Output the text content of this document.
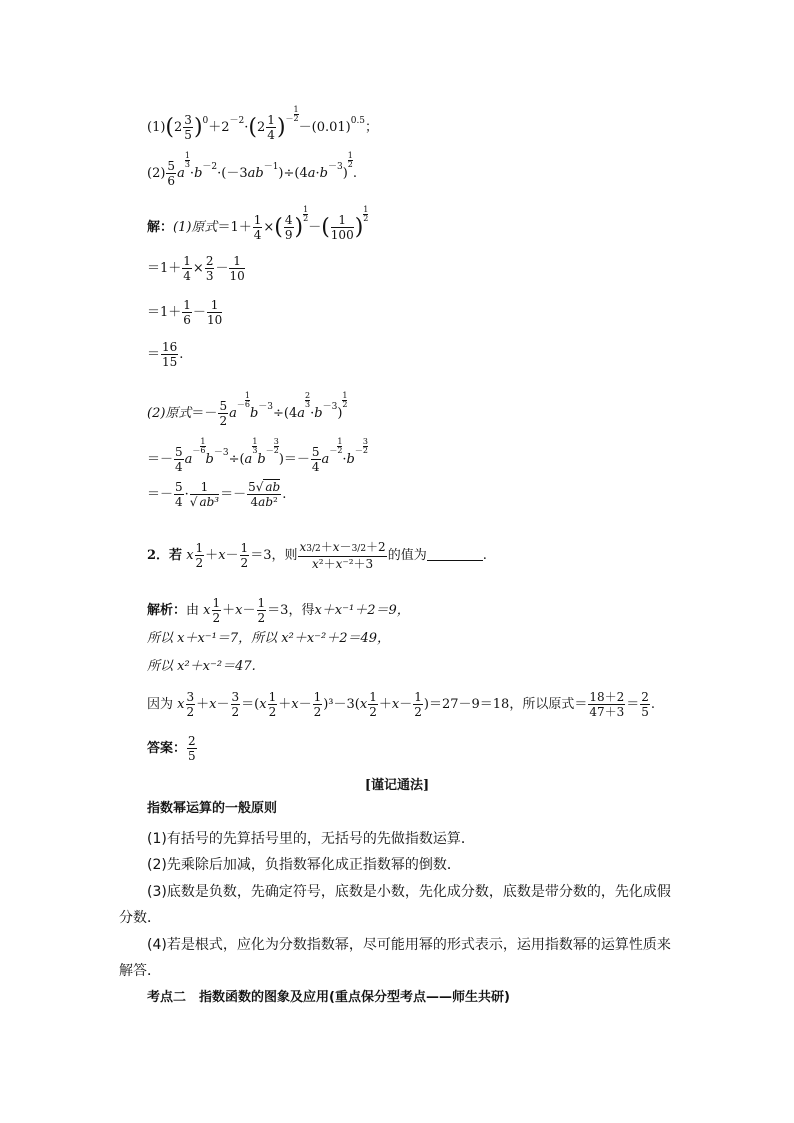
$(1)(2 \frac{3}{5} )^0+2^{-2}\cdot(2 \frac{1}{4}$ ) － $\frac{1}{2}$
$-(0.01)^{0.5}$；
$(2) \frac{5}{6}$ a
$\frac{1}{3}$
$\cdot b^{-2}\cdot(-3ab^{-1})\div(4a\cdot b^{-3})$
$\frac{1}{2}$
.
解：(1)原式$=1+ \frac{1}{4}$ ×( $\frac{4}{9}$ )
$\frac{1}{2}$
－( $\frac{1}{100}$ )
$\frac{1}{2}$
$=1+ \frac{1}{4} \times \frac{2}{3} - \frac{1}{10}$
$=1+ \frac{1}{6} - \frac{1}{10}$
＝ $\frac{16}{15}$ .
(2)原式＝－ $\frac{5}{2}$ a
－ $\frac{1}{6}$
$b^{-3}\div(4a$
$\frac{2}{3}$
$\cdot b^{-3}$)
$\frac{1}{2}$
＝－ $\frac{5}{4}$ a
－ $\frac{1}{6}$
$b^{-3}\div(a$
$\frac{1}{3}$
b
－ $\frac{3}{2}$
)＝－ $\frac{5}{4}$ a
－ $\frac{1}{2}$
·b
－ $\frac{3}{2}$
＝－ $\frac{5}{4} \cdot \frac{1}{\text{√ ab³}} =- \frac{5√ ab}{\text{4ab²}}$ .
2．若 x $\frac{1}{2} +x- \frac{1}{2} =3$，则 $\frac{x3/2+x-3/2+2}{\text{x²＋x⁻²＋3}}$ 的值为	.
解析：由 x $\frac{1}{2} +x- \frac{1}{2} =3$，得x＋x⁻¹＋2＝9，
所以 x＋x⁻¹＝7，所以 x²＋x⁻²＋2＝49，
所以 x²＋x⁻²＝47.
因为 x $\frac{3}{2} +x- \frac{3}{2} =(x \frac{1}{2} +x- \frac{1}{2} )^3-3(x \frac{1}{2} +x- \frac{1}{2} )=27-9=18$，所以原式＝ $\frac{18+2}{47+3} = \frac{2}{5}$ .
答案： $\frac{2}{5}$
[谨记通法]
指数幂运算的一般原则
(1)有括号的先算括号里的，无括号的先做指数运算．
(2)先乘除后加减，负指数幂化成正指数幂的倒数．
(3)底数是负数，先确定符号，底数是小数，先化成分数，底数是带分数的，先化成假
分数．
(4)若是根式，应化为分数指数幂，尽可能用幂的形式表示，运用指数幂的运算性质来
解答．
考点二　指数函数的图象及应用(重点保分型考点——师生共研)
